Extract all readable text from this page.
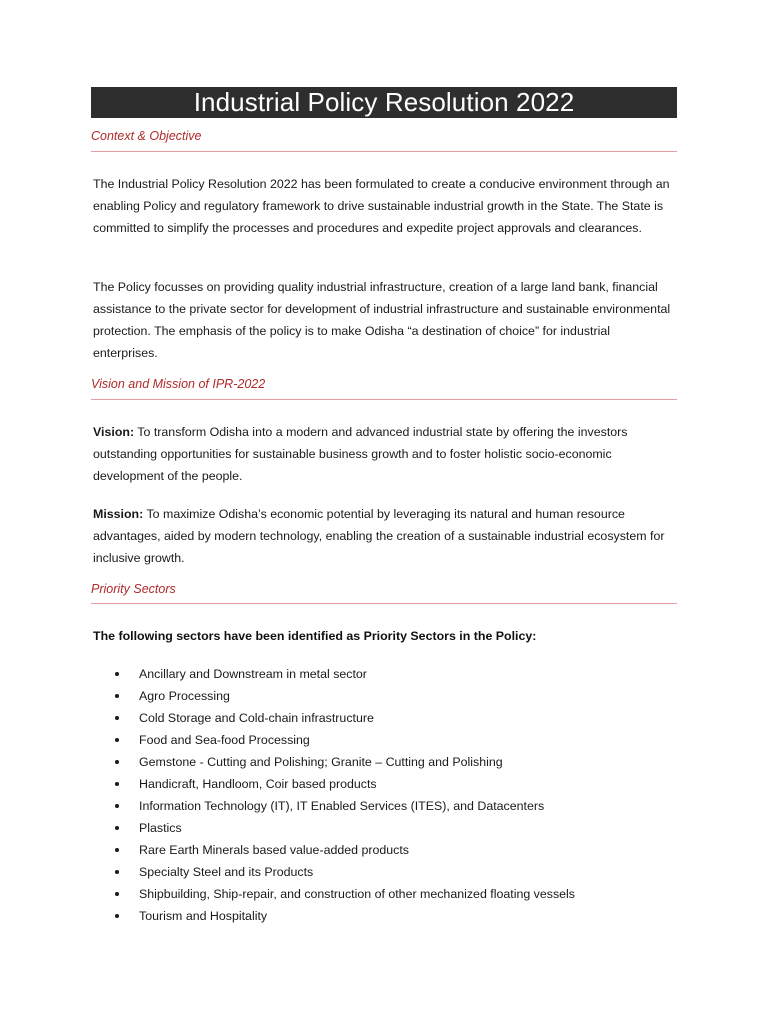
Industrial Policy Resolution 2022
Context & Objective

The Industrial Policy Resolution 2022 has been formulated to create a conducive environment through an enabling Policy and regulatory framework to drive sustainable industrial growth in the State. The State is committed to simplify the processes and procedures and expedite project approvals and clearances.

The Policy focusses on providing quality industrial infrastructure, creation of a large land bank, financial assistance to the private sector for development of industrial infrastructure and sustainable environmental protection. The emphasis of the policy is to make Odisha “a destination of choice” for industrial enterprises.

Vision and Mission of IPR-2022

Vision: To transform Odisha into a modern and advanced industrial state by offering the investors outstanding opportunities for sustainable business growth and to foster holistic socio-economic development of the people.

Mission: To maximize Odisha’s economic potential by leveraging its natural and human resource advantages, aided by modern technology, enabling the creation of a sustainable industrial ecosystem for inclusive growth.

Priority Sectors
The following sectors have been identified as Priority Sectors in the Policy:
Ancillary and Downstream in metal sector
Agro Processing
Cold Storage and Cold-chain infrastructure
Food and Sea-food Processing
Gemstone - Cutting and Polishing; Granite – Cutting and Polishing
Handicraft, Handloom, Coir based products
Information Technology (IT), IT Enabled Services (ITES), and Datacenters
Plastics
Rare Earth Minerals based value-added products
Specialty Steel and its Products
Shipbuilding, Ship-repair, and construction of other mechanized floating vessels
Tourism and Hospitality
